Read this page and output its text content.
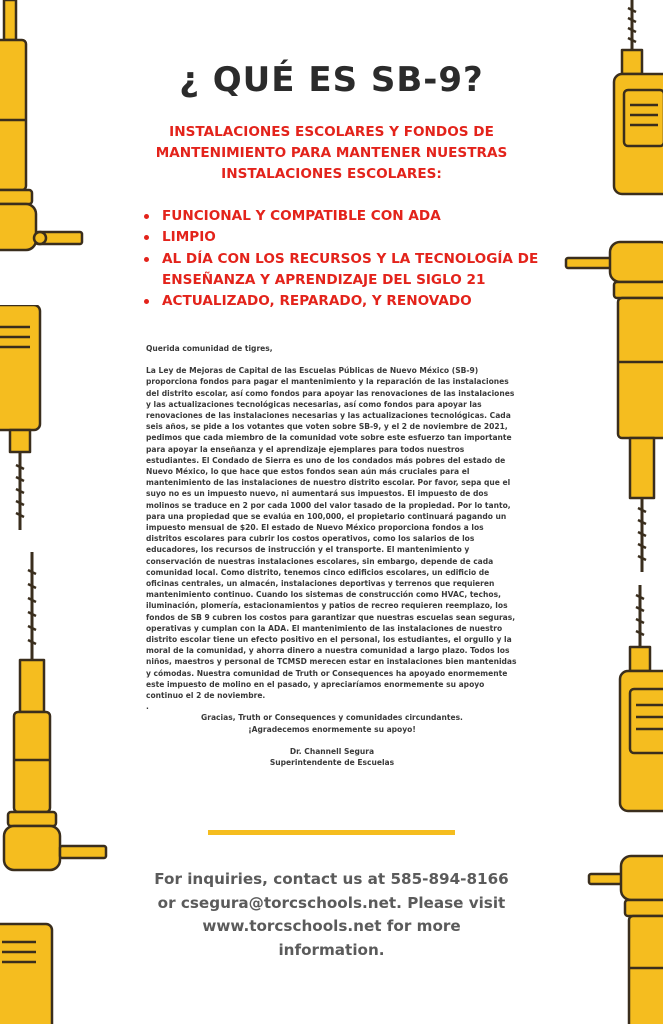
¿ QUÉ ES SB-9?
INSTALACIONES ESCOLARES Y FONDOS DE MANTENIMIENTO PARA MANTENER NUESTRAS INSTALACIONES ESCOLARES:
FUNCIONAL Y COMPATIBLE CON ADA
LIMPIO
AL DÍA CON LOS RECURSOS Y LA TECNOLOGÍA DE ENSEÑANZA Y APRENDIZAJE DEL SIGLO 21
ACTUALIZADO, REPARADO, Y RENOVADO

Querida comunidad de tigres,

La Ley de Mejoras de Capital de las Escuelas Públicas de Nuevo México (SB-9) proporciona fondos para pagar el mantenimiento y la reparación de las instalaciones del distrito escolar, así como fondos para apoyar las renovaciones de las instalaciones y las actualizaciones tecnológicas necesarias, así como fondos para apoyar las renovaciones de las instalaciones necesarias y las actualizaciones tecnológicas. Cada seis años, se pide a los votantes que voten sobre SB-9, y el 2 de noviembre de 2021, pedimos que cada miembro de la comunidad vote sobre este esfuerzo tan importante para apoyar la enseñanza y el aprendizaje ejemplares para todos nuestros estudiantes. El Condado de Sierra es uno de los condados más pobres del estado de Nuevo México, lo que hace que estos fondos sean aún más cruciales para el mantenimiento de las instalaciones de nuestro distrito escolar. Por favor, sepa que el suyo no es un impuesto nuevo, ni aumentará sus impuestos. El impuesto de dos molinos se traduce en 2 por cada 1000 del valor tasado de la propiedad. Por lo tanto, para una propiedad que se evalúa en 100,000, el propietario continuará pagando un impuesto mensual de $20. El estado de Nuevo México proporciona fondos a los distritos escolares para cubrir los costos operativos, como los salarios de los educadores, los recursos de instrucción y el transporte. El mantenimiento y conservación de nuestras instalaciones escolares, sin embargo, depende de cada comunidad local. Como distrito, tenemos cinco edificios escolares, un edificio de oficinas centrales, un almacén, instalaciones deportivas y terrenos que requieren mantenimiento continuo. Cuando los sistemas de construcción como HVAC, techos, iluminación, plomería, estacionamientos y patios de recreo requieren reemplazo, los fondos de SB 9 cubren los costos para garantizar que nuestras escuelas sean seguras, operativas y cumplan con la ADA. El mantenimiento de las instalaciones de nuestro distrito escolar tiene un efecto positivo en el personal, los estudiantes, el orgullo y la moral de la comunidad, y ahorra dinero a nuestra comunidad a largo plazo. Todos los niños, maestros y personal de TCMSD merecen estar en instalaciones bien mantenidas y cómodas. Nuestra comunidad de Truth or Consequences ha apoyado enormemente este impuesto de molino en el pasado, y apreciaríamos enormemente su apoyo continuo el 2 de noviembre.

.

Gracias, Truth or Consequences y comunidades circundantes.

¡Agradecemos enormemente su apoyo!

Dr. Channell Segura

Superintendente de Escuelas

For inquiries, contact us at 585-894-8166 or csegura@torcschools.net. Please visit www.torcschools.net for more information.
